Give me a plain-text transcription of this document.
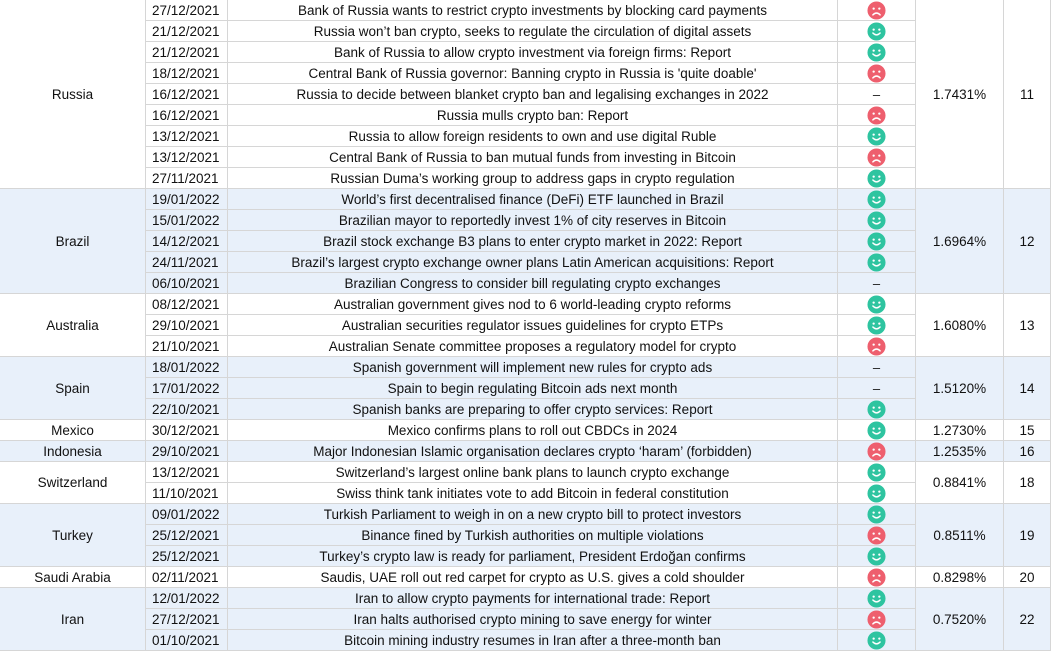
Russia
27/12/2021	Bank of Russia wants to restrict crypto investments by blocking card payments
21/12/2021	Russia won’t ban crypto, seeks to regulate the circulation of digital assets
21/12/2021	Bank of Russia to allow crypto investment via foreign firms: Report
18/12/2021	Central Bank of Russia governor: Banning crypto in Russia is 'quite doable'
16/12/2021	Russia to decide between blanket crypto ban and legalising exchanges in 2022	–
16/12/2021	Russia mulls crypto ban: Report
13/12/2021	Russia to allow foreign residents to own and use digital Ruble
13/12/2021	Central Bank of Russia to ban mutual funds from investing in Bitcoin
27/11/2021	Russian Duma’s working group to address gaps in crypto regulation
1.7431%	11
Brazil
19/01/2022	World’s first decentralised finance (DeFi) ETF launched in Brazil
15/01/2022	Brazilian mayor to reportedly invest 1% of city reserves in Bitcoin
14/12/2021	Brazil stock exchange B3 plans to enter crypto market in 2022: Report
24/11/2021	Brazil’s largest crypto exchange owner plans Latin American acquisitions: Report
06/10/2021	Brazilian Congress to consider bill regulating crypto exchanges	–
1.6964%	12
Australia
08/12/2021	Australian government gives nod to 6 world-leading crypto reforms
29/10/2021	Australian securities regulator issues guidelines for crypto ETPs
21/10/2021	Australian Senate committee proposes a regulatory model for crypto
1.6080%	13
Spain
18/01/2022	Spanish government will implement new rules for crypto ads	–
17/01/2022	Spain to begin regulating Bitcoin ads next month	–
22/10/2021	Spanish banks are preparing to offer crypto services: Report
1.5120%	14
Mexico	30/12/2021	Mexico confirms plans to roll out CBDCs in 2024	1.2730%	15
Indonesia	29/10/2021	Major Indonesian Islamic organisation declares crypto ‘haram’ (forbidden)	1.2535%	16
Switzerland
13/12/2021	Switzerland’s largest online bank plans to launch crypto exchange
11/10/2021	Swiss think tank initiates vote to add Bitcoin in federal constitution
0.8841%	18
Turkey
09/01/2022	Turkish Parliament to weigh in on a new crypto bill to protect investors
25/12/2021	Binance fined by Turkish authorities on multiple violations
25/12/2021	Turkey’s crypto law is ready for parliament, President Erdoğan confirms
0.8511%	19
Saudi Arabia	02/11/2021	Saudis, UAE roll out red carpet for crypto as U.S. gives a cold shoulder	0.8298%	20
Iran
12/01/2022	Iran to allow crypto payments for international trade: Report
27/12/2021	Iran halts authorised crypto mining to save energy for winter
01/10/2021	Bitcoin mining industry resumes in Iran after a three-month ban
0.7520%	22
